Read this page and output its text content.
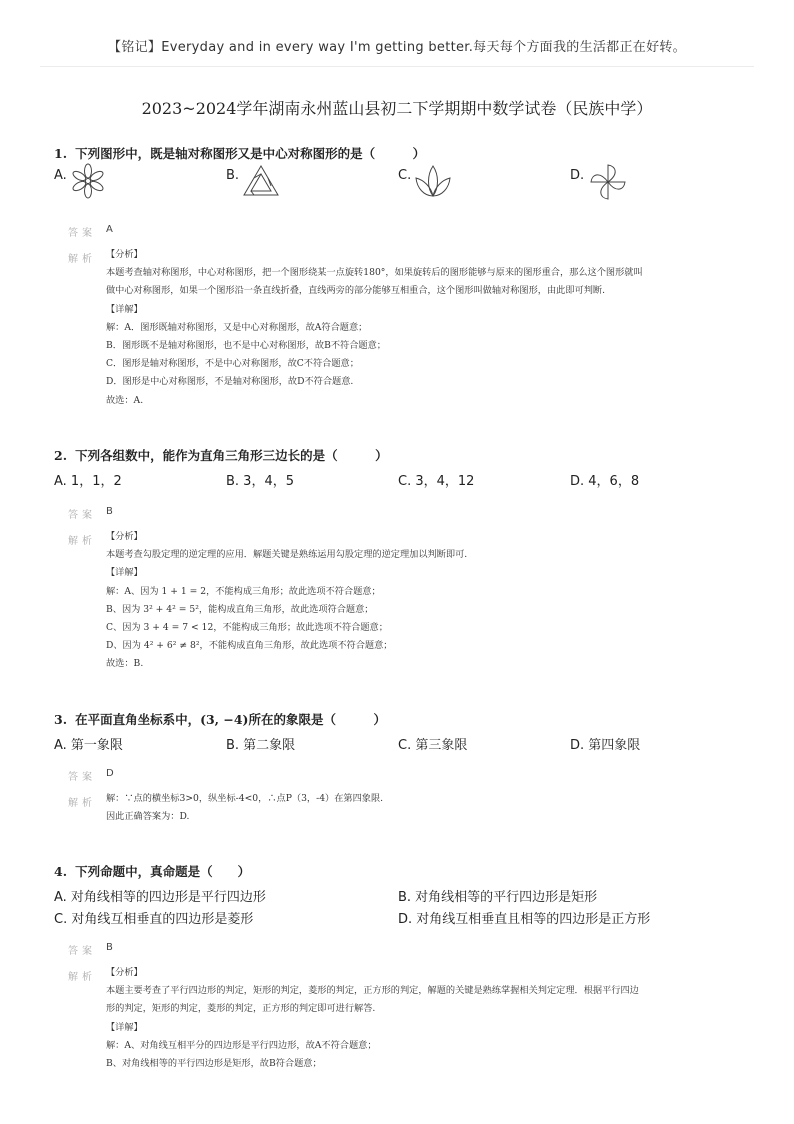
【铭记】Everyday and in every way I'm getting better.每天每个方面我的生活都正在好转。
2023~2024学年湖南永州蓝山县初二下学期期中数学试卷（民族中学）
1. 下列图形中，既是轴对称图形又是中心对称图形的是（　　　）
A.	B.	C.	D.
答案 A
解析 【分析】

本题考查轴对称图形，中心对称图形，把一个图形绕某一点旋转180°，如果旋转后的图形能够与原来的图形重合，那么这个图形就叫

做中心对称图形，如果一个图形沿一条直线折叠，直线两旁的部分能够互相重合，这个图形叫做轴对称图形，由此即可判断.

【详解】

解：A．图形既轴对称图形，又是中心对称图形，故A符合题意；

B．图形既不是轴对称图形，也不是中心对称图形，故B不符合题意；

C．图形是轴对称图形，不是中心对称图形，故C不符合题意；

D．图形是中心对称图形，不是轴对称图形，故D不符合题意.

故选：A.

2. 下列各组数中，能作为直角三角形三边长的是（　　　）
A. 1，1，2	B. 3，4，5	C. 3，4，12	D. 4，6，8
答案 B
解析 【分析】

本题考查勾股定理的逆定理的应用．解题关键是熟练运用勾股定理的逆定理加以判断即可.

【详解】

解：A、因为 1 + 1 = 2，不能构成三角形；故此选项不符合题意；

B、因为 3² + 4² = 5²，能构成直角三角形，故此选项符合题意；

C、因为 3 + 4 = 7 < 12，不能构成三角形；故此选项不符合题意；

D、因为 4² + 6² ≠ 8²，不能构成直角三角形，故此选项不符合题意；

故选：B.

3. 在平面直角坐标系中，(3, −4)所在的象限是（　　　）
A. 第一象限	B. 第二象限	C. 第三象限	D. 第四象限
答案 D
解析 解：∵点的横坐标3>0，纵坐标-4<0，∴点P（3，-4）在第四象限.

因此正确答案为：D.

4. 下列命题中，真命题是（　　）
A. 对角线相等的四边形是平行四边形	B. 对角线相等的平行四边形是矩形
C. 对角线互相垂直的四边形是菱形	D. 对角线互相垂直且相等的四边形是正方形
答案 B
解析 【分析】

本题主要考查了平行四边形的判定，矩形的判定，菱形的判定，正方形的判定，解题的关键是熟练掌握相关判定定理．根据平行四边

形的判定，矩形的判定，菱形的判定，正方形的判定即可进行解答.

【详解】

解：A、对角线互相平分的四边形是平行四边形，故A不符合题意；

B、对角线相等的平行四边形是矩形，故B符合题意；
